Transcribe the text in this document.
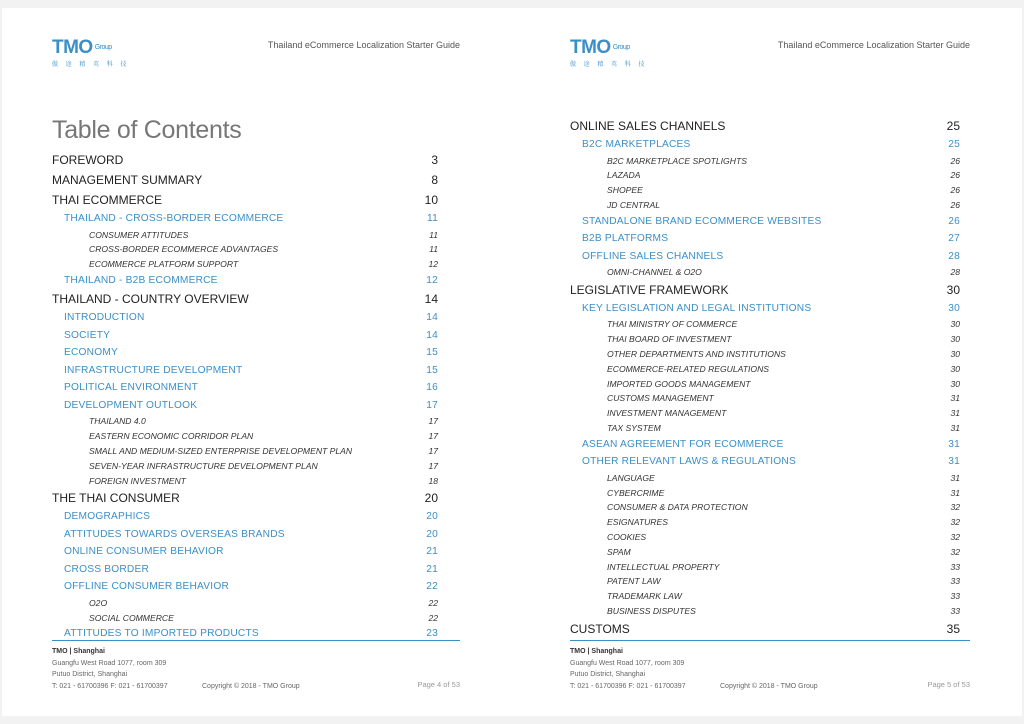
TMO $^{Group}$
傲 途 精 英 科 技
Thailand eCommerce Localization Starter Guide
Table of Contents
FOREWORD	3
MANAGEMENT SUMMARY	8
THAI ECOMMERCE	10
THAILAND - CROSS-BORDER ECOMMERCE	11
CONSUMER ATTITUDES	11
CROSS-BORDER ECOMMERCE ADVANTAGES	11
ECOMMERCE PLATFORM SUPPORT	12
THAILAND - B2B ECOMMERCE	12
THAILAND - COUNTRY OVERVIEW	14
INTRODUCTION	14
SOCIETY	14
ECONOMY	15
INFRASTRUCTURE DEVELOPMENT	15
POLITICAL ENVIRONMENT	16
DEVELOPMENT OUTLOOK	17
THAILAND 4.0	17
EASTERN ECONOMIC CORRIDOR PLAN	17
SMALL AND MEDIUM-SIZED ENTERPRISE DEVELOPMENT PLAN	17
SEVEN-YEAR INFRASTRUCTURE DEVELOPMENT PLAN	17
FOREIGN INVESTMENT	18
THE THAI CONSUMER	20
DEMOGRAPHICS	20
ATTITUDES TOWARDS OVERSEAS BRANDS	20
ONLINE CONSUMER BEHAVIOR	21
CROSS BORDER	21
OFFLINE CONSUMER BEHAVIOR	22
O2O	22
SOCIAL COMMERCE	22
ATTITUDES TO IMPORTED PRODUCTS	23
TMO | Shanghai
Guangfu West Road 1077, room 309
Putuo District, Shanghai
T: 021 - 61700396 F: 021 - 61700397	Copyright © 2018 - TMO Group	Page 4 of 53
TMO $^{Group}$
傲 途 精 英 科 技
Thailand eCommerce Localization Starter Guide
ONLINE SALES CHANNELS	25
B2C MARKETPLACES	25
B2C MARKETPLACE SPOTLIGHTS	26
LAZADA	26
SHOPEE	26
JD CENTRAL	26
STANDALONE BRAND ECOMMERCE WEBSITES	26
B2B PLATFORMS	27
OFFLINE SALES CHANNELS	28
OMNI-CHANNEL & O2O	28
LEGISLATIVE FRAMEWORK	30
KEY LEGISLATION AND LEGAL INSTITUTIONS	30
THAI MINISTRY OF COMMERCE	30
THAI BOARD OF INVESTMENT	30
OTHER DEPARTMENTS AND INSTITUTIONS	30
ECOMMERCE-RELATED REGULATIONS	30
IMPORTED GOODS MANAGEMENT	30
CUSTOMS MANAGEMENT	31
INVESTMENT MANAGEMENT	31
TAX SYSTEM	31
ASEAN AGREEMENT FOR ECOMMERCE	31
OTHER RELEVANT LAWS & REGULATIONS	31
LANGUAGE	31
CYBERCRIME	31
CONSUMER & DATA PROTECTION	32
ESIGNATURES	32
COOKIES	32
SPAM	32
INTELLECTUAL PROPERTY	33
PATENT LAW	33
TRADEMARK LAW	33
BUSINESS DISPUTES	33
CUSTOMS	35
TMO | Shanghai
Guangfu West Road 1077, room 309
Putuo District, Shanghai
T: 021 - 61700396 F: 021 - 61700397	Copyright © 2018 - TMO Group	Page 5 of 53
